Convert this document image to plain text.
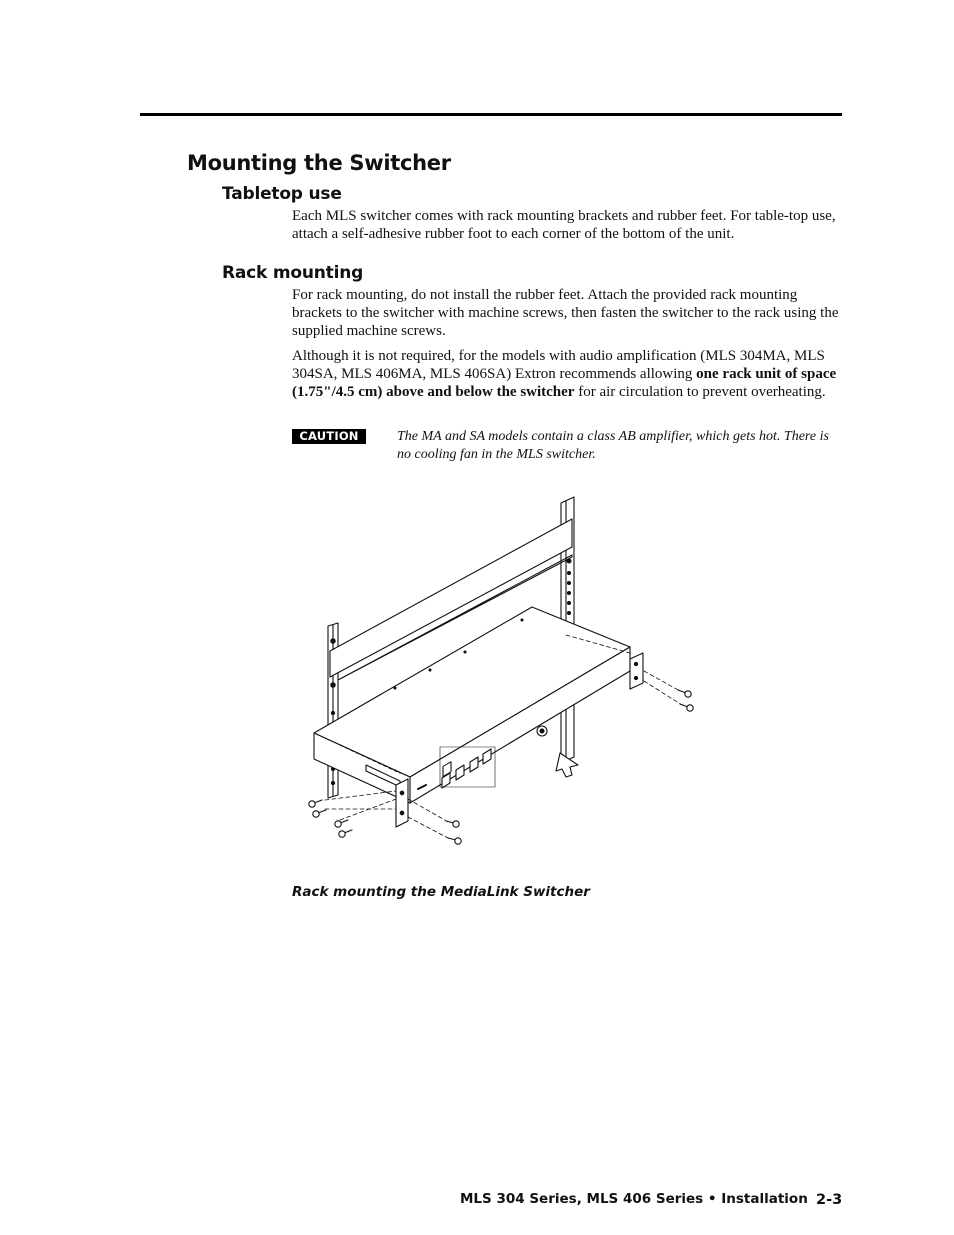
Mounting the Switcher
Tabletop use

Each MLS switcher comes with rack mounting brackets and rubber feet. For table-top use, attach a self-adhesive rubber foot to each corner of the bottom of the unit.

Rack mounting

For rack mounting, do not install the rubber feet. Attach the provided rack mounting brackets to the switcher with machine screws, then fasten the switcher to the rack using the supplied machine screws.

Although it is not required, for the models with audio amplification (MLS 304MA, MLS 304SA, MLS 406MA, MLS 406SA) Extron recommends allowing one rack unit of space (1.75"/4.5 cm) above and below the switcher for air circulation to prevent overheating.

CAUTION	The MA and SA models contain a class AB amplifier, which gets hot. There is no cooling fan in the MLS switcher.

Rack mounting the MediaLink Switcher

MLS 304 Series, MLS 406 Series • Installation 2-3
